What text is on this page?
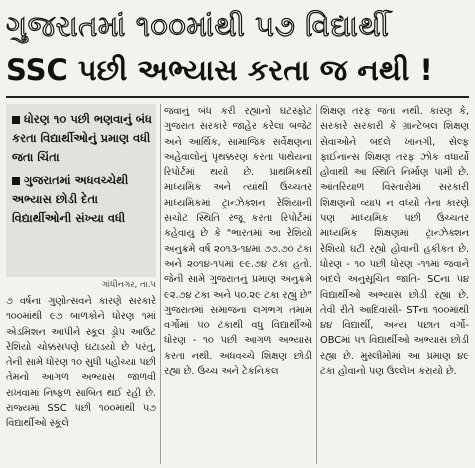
ગુજરાતમાં ૧૦૦માંથી ૫૭ વિદ્યાર્થી
SSC પછી અભ્યાસ કરતા જ નથી !
ધોરણ ૧૦ પછી ભણવાનું બંધ કરતા વિદ્યાર્થીઓનું પ્રમાણ વધી જતા ચિંતા
ગુજરાતમાં અધવચ્ચેથી અભ્યાસ છોડી દેતા વિદ્યાર્થીઓની સંખ્યા વધી
ગાંધીનગર, તા.૫

૭ વર્ષના ગુણોત્સવને કારણે સરકારે ૧૦૦માંથી ૯૭ બાળકોને ધોરણ ૧માં એડમિશન આપીને સ્કૂલ ડ્રોપ આઉટ રેશિયો ચોક્કસપણે ઘટાડયો છે પરંતુ, તેની સામે ધોરણ ૧૦ સુધી પહોંચ્યા પછી તેમનો આગળ અભ્યાસ જાળવી રાખવામાં નિષ્ફળ સાબિત થઈ રહી છે. રાજ્યમાં SSC પછી ૧૦૦માંથી ૫૭ વિદ્યાર્થીઓ સ્કૂલે

જવાનું બંધ કરી રહ્યાનો ઘટસ્ફોટ ગુજરાત સરકારે જાહેર કરેલા બજેટ અને આર્થિક, સામાજિક સર્વેક્ષણના અહેવાલોનું પૃથક્કરણ કરતા પાથેયના રિપોર્ટમાં થયો છે. પ્રાથમિકથી માધ્યમિક અને ત્યાંથી ઉચ્ચતર માધ્યમિકમાં ટ્રાન્ઝેક્શન રેશિયાની સચોટ સ્થિતિ રજૂ કરતા રિપોર્ટમાં કહેવાયુ છે કે "ભારતમાં આ રેશિયો અનુક્રમે વર્ષ ૨૦૧૩-૧૪માં ૭૭.૭૦ ટકા અને ૨૦૧૪-૧૫માં ૯૯.૭૪ ટકા હતો. જેની સામે ગુજરાતનું પ્રમાણ અનુક્રમે ૯૨.૭૪ ટકા અને ૫૦.૨૯ ટકા રહ્યું છે" ગુજરાતમાં સમાજના લગભગ તમામ વર્ગોમાં ૫૦ ટકાથી વધુ વિદ્યાર્થીઓ ધોરણ - ૧૦ પછી આગળ અભ્યાસ કરતા નથી. અધવચ્ચે શિક્ષણ છોડી રહ્યા છે. ઉચ્ચ અને ટેકનિકલ

શિક્ષણ તરફ જતા નથી. કારણ કે, સરકારે સરકારી કે ગ્રાન્ટેબલ શિક્ષણ સેવાઓને બદલે ખાનગી, સેલ્ફ ફાઈનાન્સ શિક્ષણ તરફ ઝોક વધાર્યો હોવાથી આ સ્થિતિ નિર્માણ પામી છે. આંતરિયાળ વિસ્તારોમાં સરકારી શિક્ષણનો વ્યાપ ન વધ્યો તેના કારણે પણ માધ્યમિક પછી ઉચ્ચતર માધ્યમિક શિક્ષણમાં ટ્રાન્ઝેક્શન રેશિયો ઘટી રહ્યો હોવાની હકીકત છે. ધોરણ - ૧૦ પછી ધોરણ -૧૧માં જવાને બદલે અનુસૂચિત જાતિ- SCના ૫૪ વિદ્યાર્થીઓ અભ્યાસ છોડી રહ્યા છે. તેવી રીતે આદિવાસી- STના ૧૦૦માંથી ૪૪ વિદ્યાર્થી, અન્ય પછાત વર્ગો- OBCમાં ૫૧ વિદ્યાર્થીઓ અભ્યાસ છોડી રહ્યા છે. મુસ્લીમોમાં આ પ્રમાણ ૪૯ ટકા હોવાનો પણ ઉલ્લેખ કરાયો છે.
